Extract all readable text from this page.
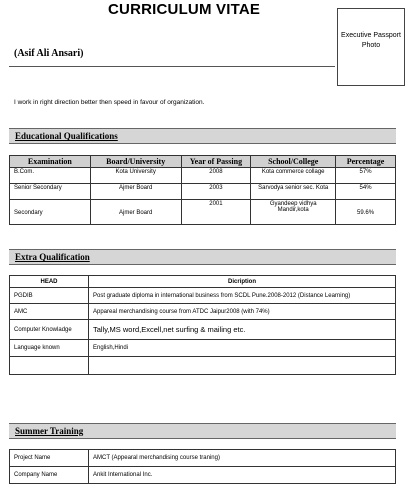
CURRICULUM VITAE
Executive Passport Photo
(Asif Ali Ansari)
I work in right direction better then speed in favour of organization.
Educational Qualifications
Examination	Board/University	Year of Passing	School/College	Percentage
B.Com.	Kota University	2008	Kota commerce collage	57%
Senior Secondary	Ajmer Board	2003	Sarvodya senior sec. Kota	54%
Secondary	Ajmer Board	2001	Gyandeep vidhya Mandir,kota	59.6%
Extra Qualification
HEAD	Dicription
PGDIB	Post graduate diploma in international business from SCDL Pune.2008-2012 (Distance Learning)
AMC	Appareal merchandising course from ATDC Jaipur2008 (with 74%)
Computer Knowladge	Tally,MS word,Excell,net surfing & mailing etc.
Language known	English,Hindi

Summer Training
Project Name	AMCT (Appearal merchandising course traning)
Company Name	Ankit International Inc.
